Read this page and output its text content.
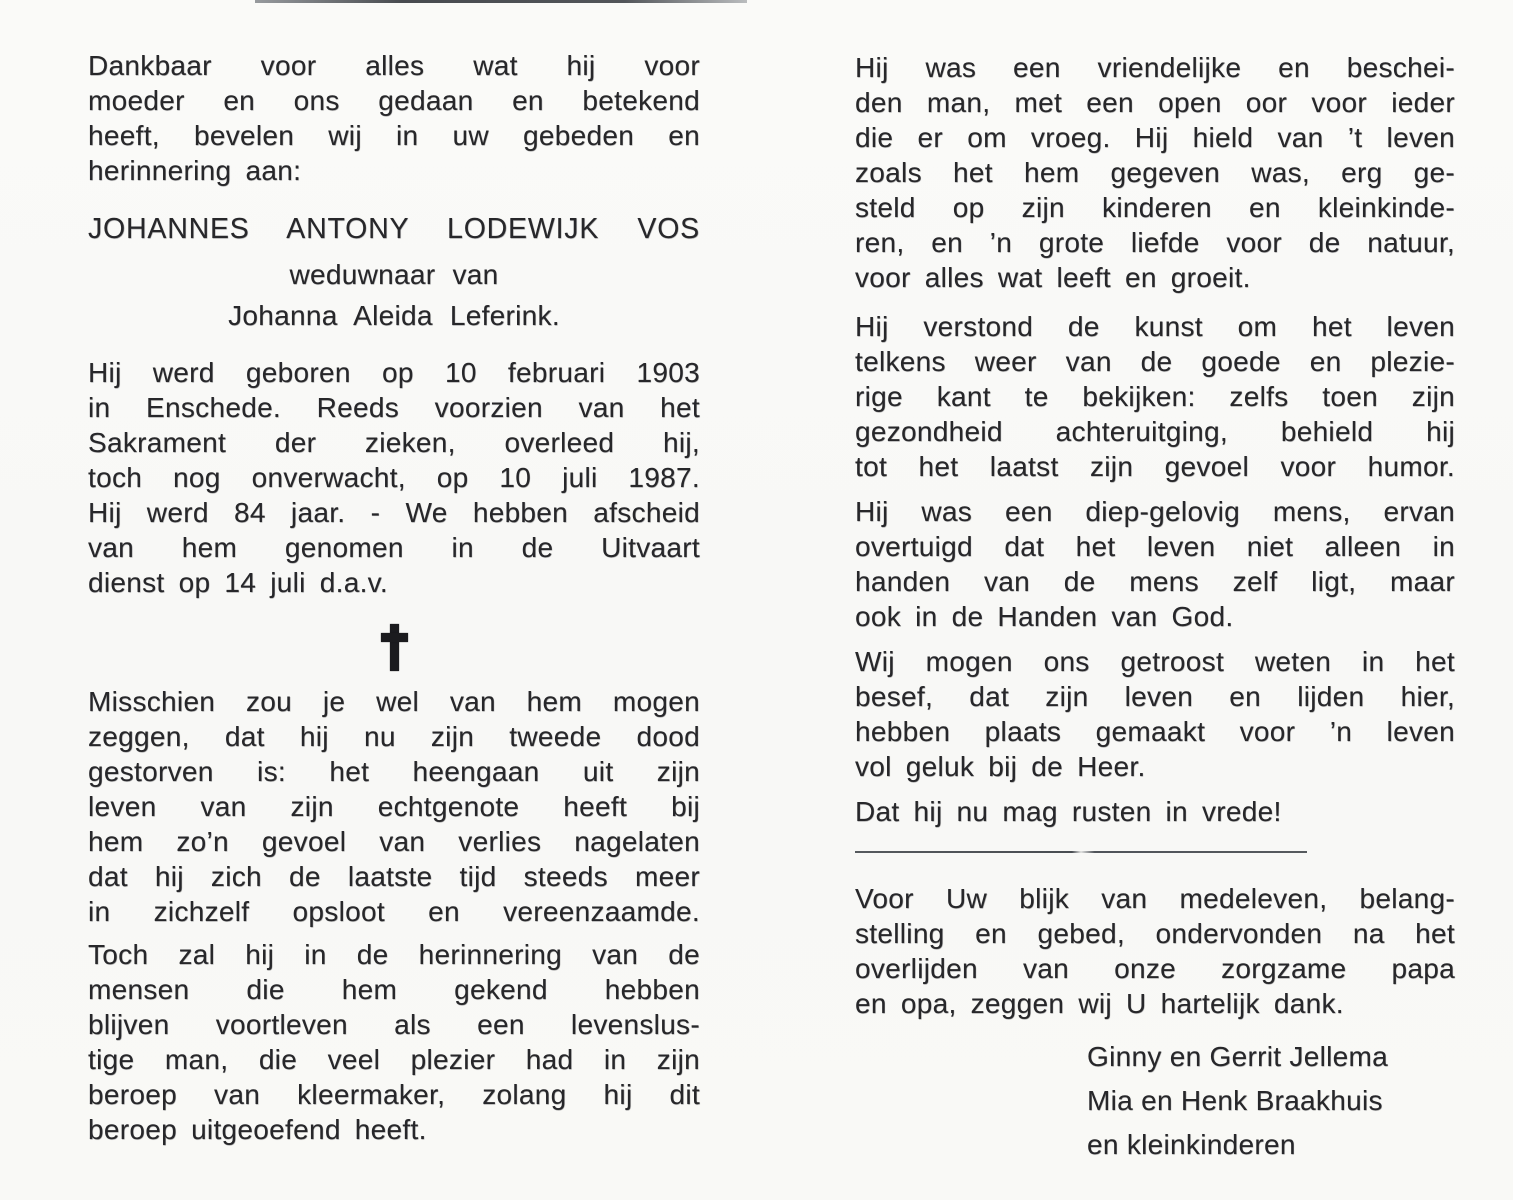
Dankbaar voor alles wat hij voor
moeder en ons gedaan en betekend
heeft, bevelen wij in uw gebeden en
herinnering aan:
JOHANNES ANTONY LODEWIJK VOS
weduwnaar van
Johanna Aleida Leferink.
Hij werd geboren op 10 februari 1903
in Enschede. Reeds voorzien van het
Sakrament der zieken, overleed hij,
toch nog onverwacht, op 10 juli 1987.
Hij werd 84 jaar. - We hebben afscheid
van hem genomen in de Uitvaart
dienst op 14 juli d.a.v.
Misschien zou je wel van hem mogen
zeggen, dat hij nu zijn tweede dood
gestorven is: het heengaan uit zijn
leven van zijn echtgenote heeft bij
hem zo’n gevoel van verlies nagelaten
dat hij zich de laatste tijd steeds meer
in zichzelf opsloot en vereenzaamde.
Toch zal hij in de herinnering van de
mensen die hem gekend hebben
blijven voortleven als een levenslus-
tige man, die veel plezier had in zijn
beroep van kleermaker, zolang hij dit
beroep uitgeoefend heeft.
Hij was een vriendelijke en beschei-
den man, met een open oor voor ieder
die er om vroeg. Hij hield van ’t leven
zoals het hem gegeven was, erg ge-
steld op zijn kinderen en kleinkinde-
ren, en ’n grote liefde voor de natuur,
voor alles wat leeft en groeit.
Hij verstond de kunst om het leven
telkens weer van de goede en plezie-
rige kant te bekijken: zelfs toen zijn
gezondheid achteruitging, behield hij
tot het laatst zijn gevoel voor humor.
Hij was een diep-gelovig mens, ervan
overtuigd dat het leven niet alleen in
handen van de mens zelf ligt, maar
ook in de Handen van God.
Wij mogen ons getroost weten in het
besef, dat zijn leven en lijden hier,
hebben plaats gemaakt voor ’n leven
vol geluk bij de Heer.
Dat hij nu mag rusten in vrede!
Voor Uw blijk van medeleven, belang-
stelling en gebed, ondervonden na het
overlijden van onze zorgzame papa
en opa, zeggen wij U hartelijk dank.
Ginny en Gerrit Jellema
Mia en Henk Braakhuis
en kleinkinderen
